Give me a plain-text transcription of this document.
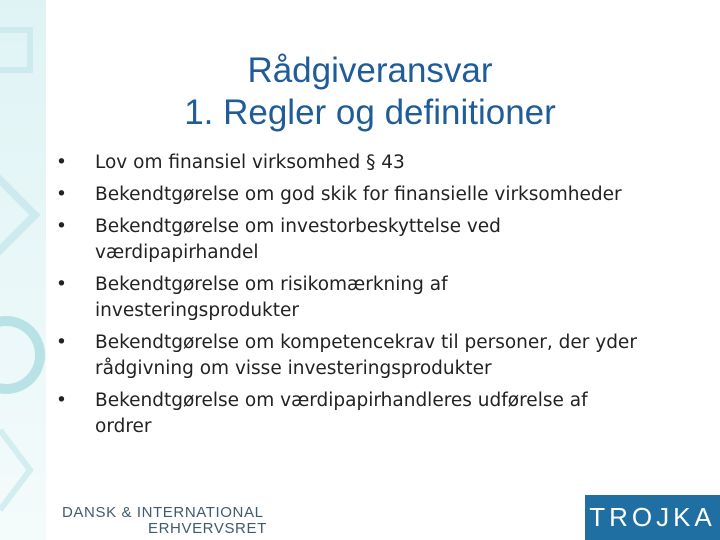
Rådgiveransvar
1. Regler og definitioner
• Lov om finansiel virksomhed § 43
• Bekendtgørelse om god skik for finansielle virksomheder
• Bekendtgørelse om investorbeskyttelse ved
værdipapirhandel
• Bekendtgørelse om risikomærkning af
investeringsprodukter
• Bekendtgørelse om kompetencekrav til personer, der yder
rådgivning om visse investeringsprodukter
• Bekendtgørelse om værdipapirhandleres udførelse af
ordrer
DANSK & INTERNATIONAL
ERHVERVSRET	TROJKA
